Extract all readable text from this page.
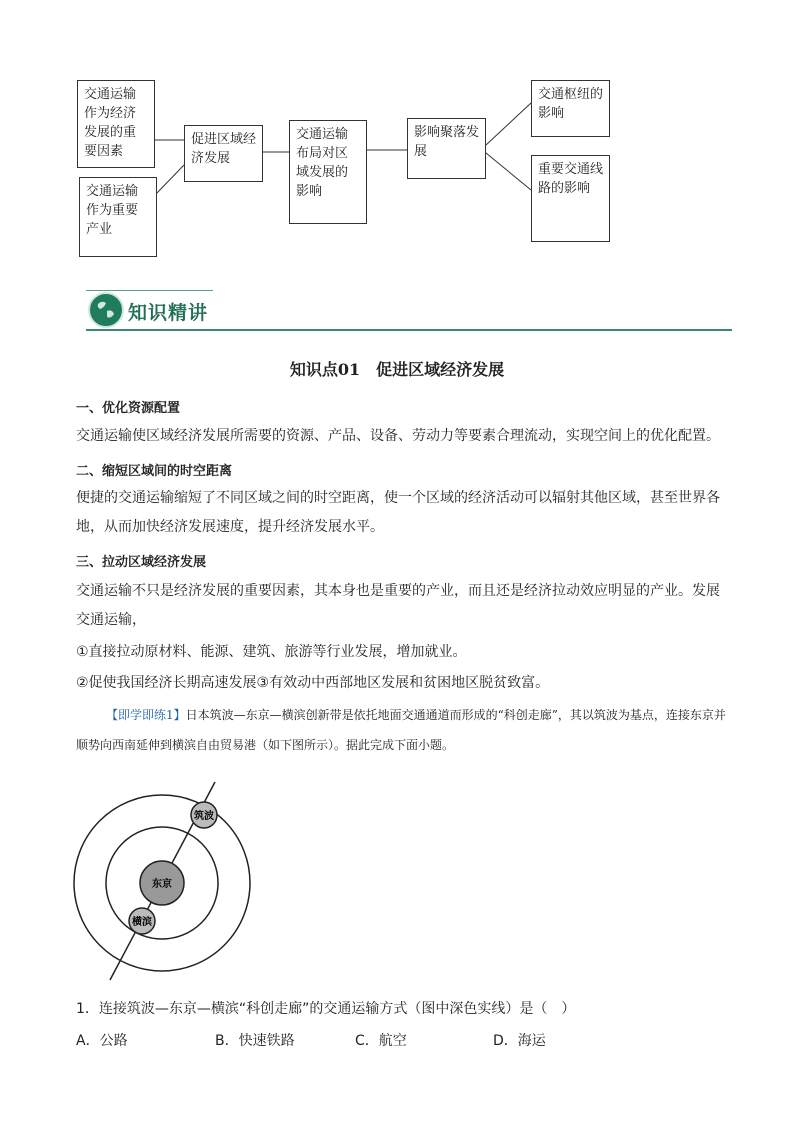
交通运输作为经济发展的重要因素
交通运输作为重要产业
促进区域经济发展
交通运输布局对区域发展的影响
影响聚落发展
交通枢纽的影响
重要交通线路的影响
知识精讲
知识点01　促进区域经济发展
一、优化资源配置
交通运输使区域经济发展所需要的资源、产品、设备、劳动力等要素合理流动，实现空间上的优化配置。
二、缩短区域间的时空距离
便捷的交通运输缩短了不同区域之间的时空距离，使一个区域的经济活动可以辐射其他区域，甚至世界各地，从而加快经济发展速度，提升经济发展水平。
三、拉动区域经济发展
交通运输不只是经济发展的重要因素，其本身也是重要的产业，而且还是经济拉动效应明显的产业。发展交通运输，
①直接拉动原材料、能源、建筑、旅游等行业发展，增加就业。
②促使我国经济长期高速发展③有效动中西部地区发展和贫困地区脱贫致富。
【即学即练1】日本筑波—东京—横滨创新带是依托地面交通通道而形成的“科创走廊”，其以筑波为基点，连接东京并顺势向西南延伸到横滨自由贸易港（如下图所示）。据此完成下面小题。
筑波
东京
横滨
1．连接筑波—东京—横滨“科创走廊”的交通运输方式（图中深色实线）是（　）
A．公路	B．快速铁路	C．航空	D．海运
